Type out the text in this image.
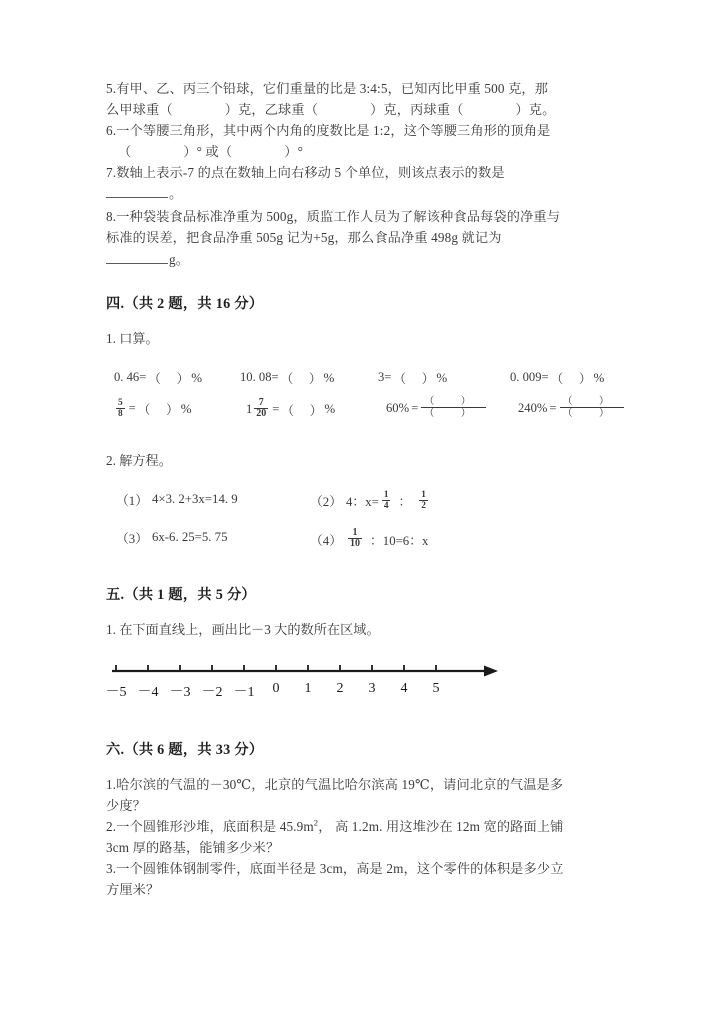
5.有甲、乙、丙三个铅球，它们重量的比是 3:4:5，已知丙比甲重 500 克，那
么甲球重（	）克，乙球重（	）克，丙球重（	）克。
6.一个等腰三角形，其中两个内角的度数比是 1:2，这个等腰三角形的顶角是
（	）° 或（	）°
7.数轴上表示-7 的点在数轴上向右移动 5 个单位，则该点表示的数是
。
8.一种袋装食品标准净重为 500g，质监工作人员为了解该种食品每袋的净重与
标准的误差，把食品净重 505g 记为+5g，那么食品净重 498g 就记为
g。
四.（共 2 题，共 16 分）
1. 口算。
0. 46= （     ） %	10. 08= （     ） %	3= （     ） %	0. 009= （     ） %
$\frac{5}{8}$ = （     ） %	$1 \frac{7}{20}$ = （     ） %	$60\% = \frac{( )}{( )}$	$240\% = \frac{( )}{( )}$
2. 解方程。
（1） 4×3. 2+3x=14. 9	（2） 4：$x= \frac{1}{4}$ ： $\frac{1}{2}$
（3） 6x-6. 25=5. 75	$(4) \frac{1}{10}$ ：10=6：x
五.（共 1 题，共 5 分）
1. 在下面直线上，画出比－3 大的数所在区域。
－5 －4 －3 －2 －1	0	1	2	3	4	5
六.（共 6 题，共 33 分）
1.哈尔滨的气温的－30℃，北京的气温比哈尔滨高 19℃，请问北京的气温是多
少度？
2.一个圆锥形沙堆，底面积是 $45.9m^2$， 高 1.2m. 用这堆沙在 12m 宽的路面上铺
3cm 厚的路基，能铺多少米？
3.一个圆锥体钢制零件，底面半径是 3cm，高是 2m，这个零件的体积是多少立
方厘米？
